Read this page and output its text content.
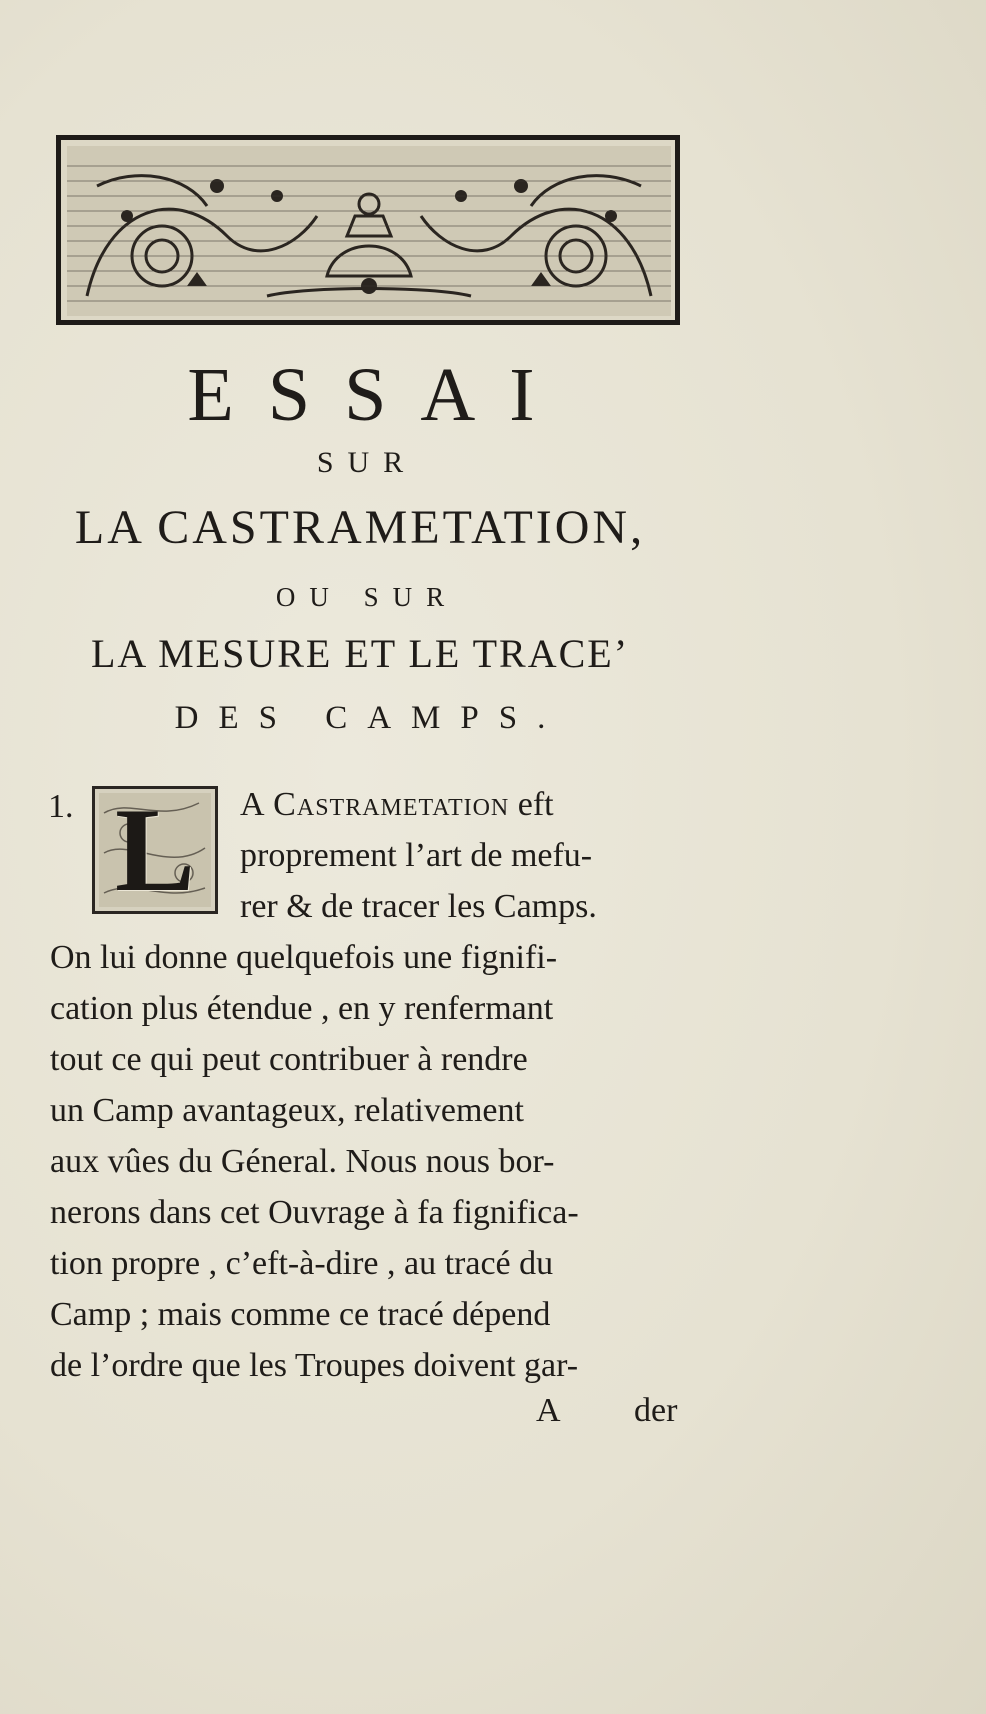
ESSAI
SUR
LA CASTRAMETATION,
OU SUR
LA MESURE ET LE TRACE’
DES CAMPS.
1. L	A Castrametation eft
proprement l’art de mefu-
rer & de tracer les Camps.
On lui donne quelquefois une fignifi-
cation plus étendue , en y renfermant
tout ce qui peut contribuer à rendre
un Camp avantageux, relativement
aux vûes du Géneral. Nous nous bor-
nerons dans cet Ouvrage à fa fignifica-
tion propre , c’eft-à-dire , au tracé du
Camp ; mais comme ce tracé dépend
de l’ordre que les Troupes doivent gar-
A der
